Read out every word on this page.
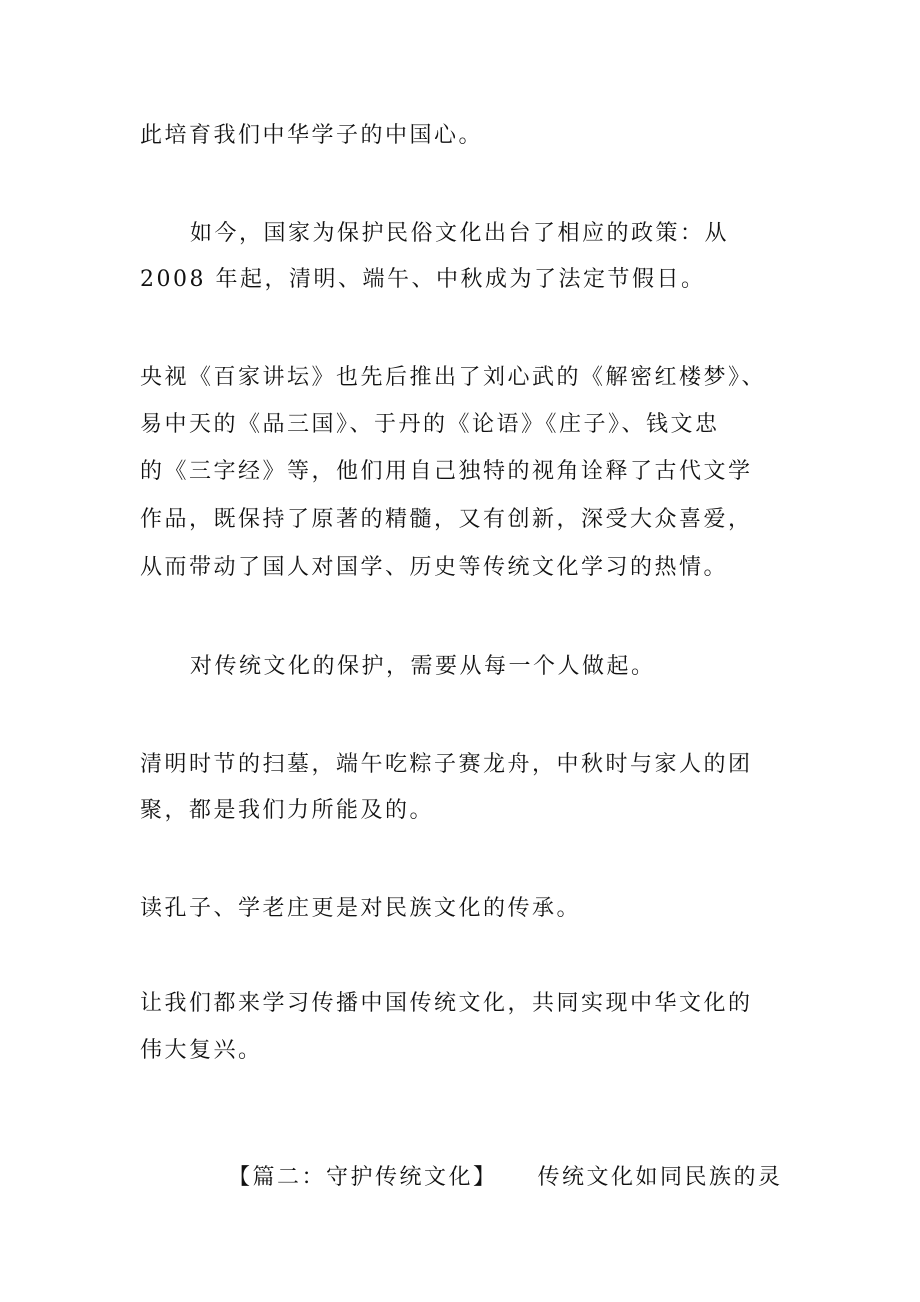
此培育我们中华学子的中国心。
如今，国家为保护民俗文化出台了相应的政策：从
2008 年起，清明、端午、中秋成为了法定节假日。
央视《百家讲坛》也先后推出了刘心武的《解密红楼梦》、
易中天的《品三国》、于丹的《论语》《庄子》、钱文忠
的《三字经》等，他们用自己独特的视角诠释了古代文学
作品，既保持了原著的精髓，又有创新，深受大众喜爱，
从而带动了国人对国学、历史等传统文化学习的热情。
对传统文化的保护，需要从每一个人做起。
清明时节的扫墓，端午吃粽子赛龙舟，中秋时与家人的团
聚，都是我们力所能及的。
读孔子、学老庄更是对民族文化的传承。
让我们都来学习传播中国传统文化，共同实现中华文化的
伟大复兴。

【篇二：守护传统文化】 传统文化如同民族的灵
